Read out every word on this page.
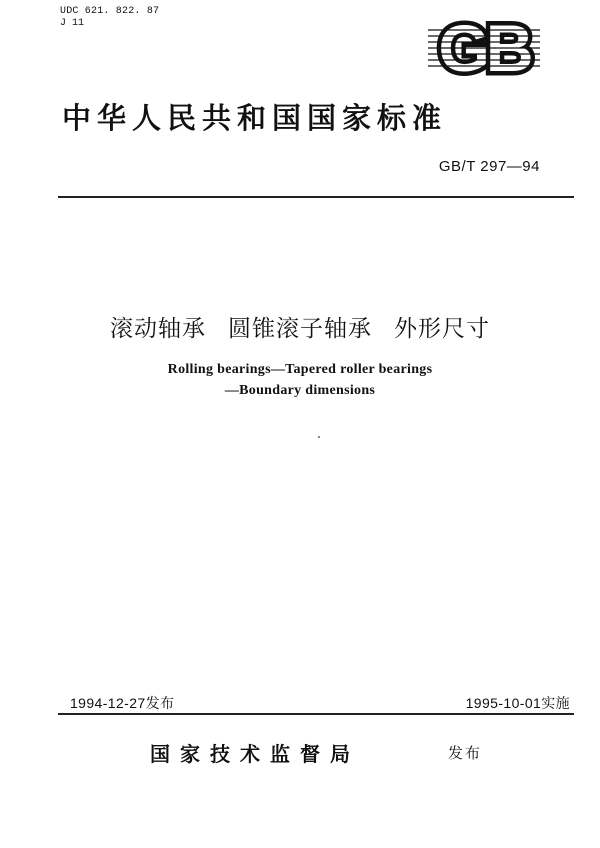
UDC 621. 822. 87
J 11	GB
中华人民共和国国家标准
GB/T 297—94
滚动轴承 圆锥滚子轴承 外形尺寸
Rolling bearings—Tapered roller bearings
—Boundary dimensions
1994-12-27发布	1995-10-01实施
国家技术监督局	发布
